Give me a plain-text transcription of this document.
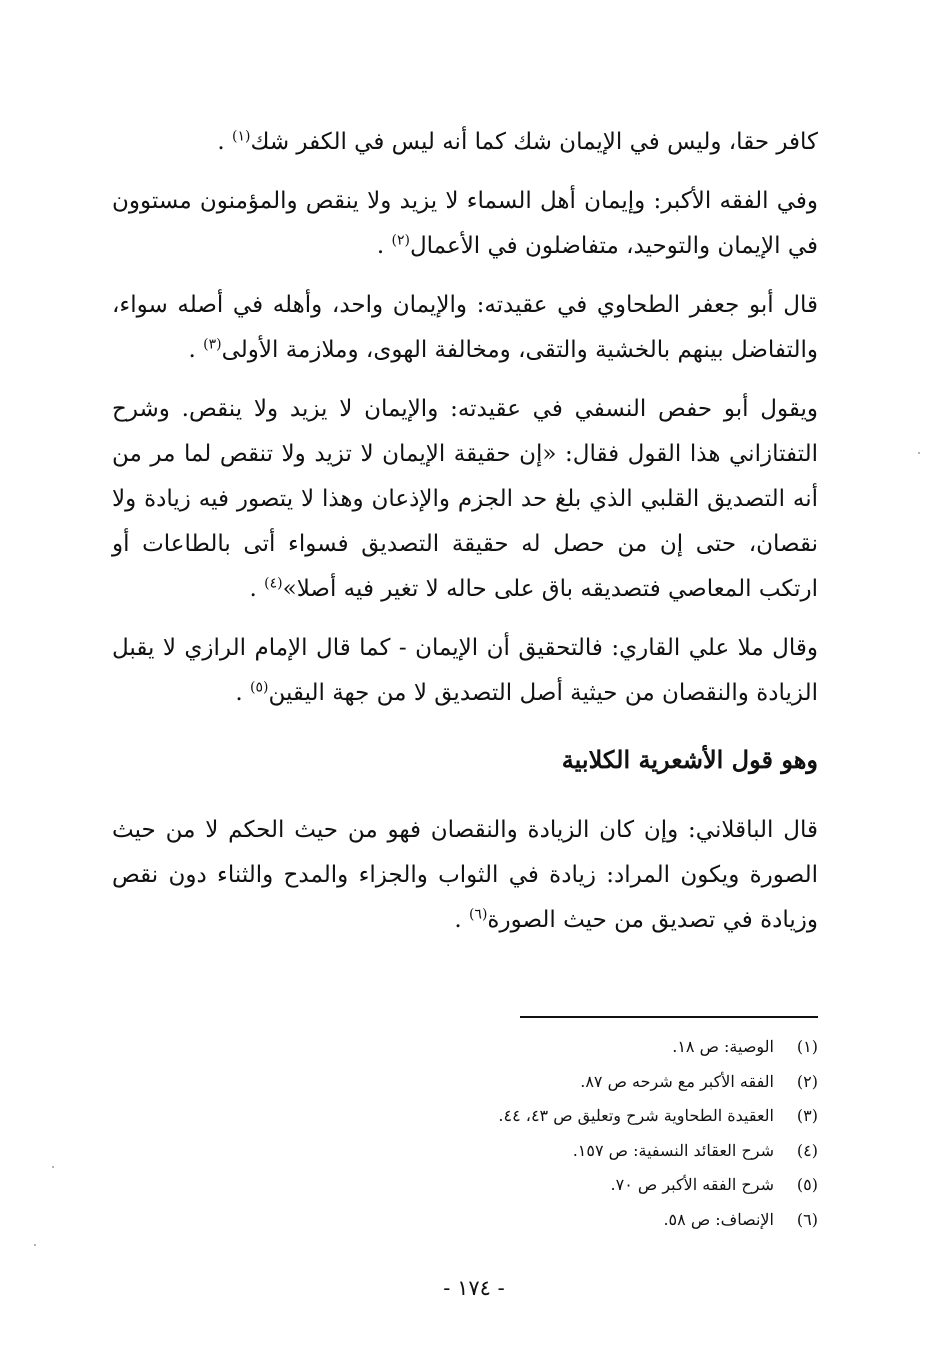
كافر حقا، وليس في الإيمان شك كما أنه ليس في الكفر شك$^{(١)}$ .

وفي الفقه الأكبر: وإيمان أهل السماء لا يزيد ولا ينقص والمؤمنون مستوون في الإيمان والتوحيد، متفاضلون في الأعمال$^{(٢)}$ .

قال أبو جعفر الطحاوي في عقيدته: والإيمان واحد، وأهله في أصله سواء، والتفاضل بينهم بالخشية والتقى، ومخالفة الهوى، وملازمة الأولى$^{(٣)}$ .

ويقول أبو حفص النسفي في عقيدته: والإيمان لا يزيد ولا ينقص. وشرح التفتازاني هذا القول فقال: «إن حقيقة الإيمان لا تزيد ولا تنقص لما مر من أنه التصديق القلبي الذي بلغ حد الجزم والإذعان وهذا لا يتصور فيه زيادة ولا نقصان، حتى إن من حصل له حقيقة التصديق فسواء أتى بالطاعات أو ارتكب المعاصي فتصديقه باق على حاله لا تغير فيه أصلا»$^{(٤)}$ .

وقال ملا علي القاري: فالتحقيق أن الإيمان - كما قال الإمام الرازي لا يقبل الزيادة والنقصان من حيثية أصل التصديق لا من جهة اليقين$^{(٥)}$ .

وهو قول الأشعرية الكلابية

قال الباقلاني: وإن كان الزيادة والنقصان فهو من حيث الحكم لا من حيث الصورة ويكون المراد: زيادة في الثواب والجزاء والمدح والثناء دون نقص وزيادة في تصديق من حيث الصورة$^{(٦)}$ .

(١)
الوصية: ص ١٨.
(٢)
الفقه الأكبر مع شرحه ص ٨٧.
(٣)
العقيدة الطحاوية شرح وتعليق ص ٤٣، ٤٤.
(٤)
شرح العقائد النسفية: ص ١٥٧.
(٥)
شرح الفقه الأكبر ص ٧٠.
(٦)
الإنصاف: ص ٥٨.
- ١٧٤ -
